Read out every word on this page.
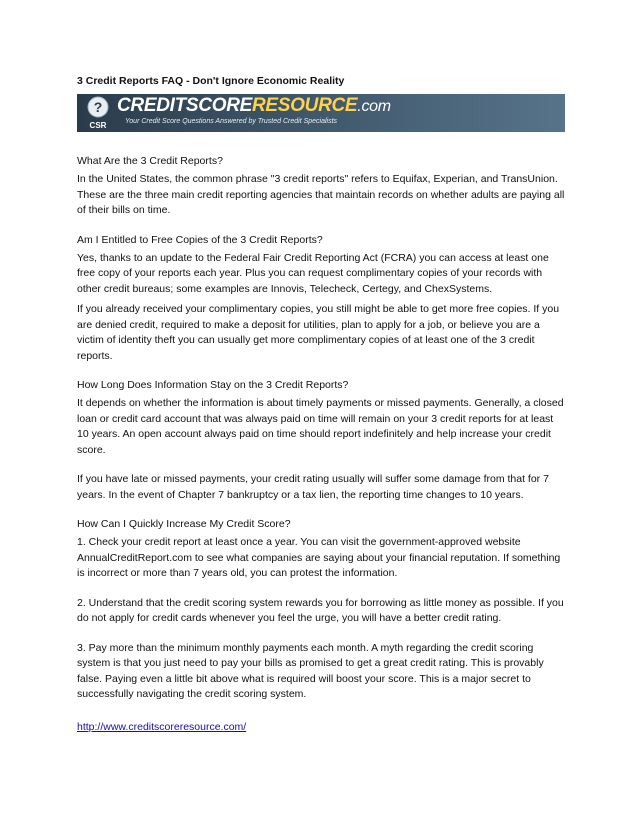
3 Credit Reports FAQ - Don't Ignore Economic Reality
?
CSR
CREDITSCORERESOURCE.com
Your Credit Score Questions Answered by Trusted Credit Specialists
What Are the 3 Credit Reports?
In the United States, the common phrase "3 credit reports" refers to Equifax, Experian, and TransUnion. These are the three main credit reporting agencies that maintain records on whether adults are paying all of their bills on time.
Am I Entitled to Free Copies of the 3 Credit Reports?
Yes, thanks to an update to the Federal Fair Credit Reporting Act (FCRA) you can access at least one free copy of your reports each year. Plus you can request complimentary copies of your records with other credit bureaus; some examples are Innovis, Telecheck, Certegy, and ChexSystems.
If you already received your complimentary copies, you still might be able to get more free copies. If you are denied credit, required to make a deposit for utilities, plan to apply for a job, or believe you are a victim of identity theft you can usually get more complimentary copies of at least one of the 3 credit reports.
How Long Does Information Stay on the 3 Credit Reports?
It depends on whether the information is about timely payments or missed payments. Generally, a closed loan or credit card account that was always paid on time will remain on your 3 credit reports for at least 10 years. An open account always paid on time should report indefinitely and help increase your credit score.
If you have late or missed payments, your credit rating usually will suffer some damage from that for 7 years. In the event of Chapter 7 bankruptcy or a tax lien, the reporting time changes to 10 years.
How Can I Quickly Increase My Credit Score?
1. Check your credit report at least once a year. You can visit the government-approved website AnnualCreditReport.com to see what companies are saying about your financial reputation. If something is incorrect or more than 7 years old, you can protest the information.
2. Understand that the credit scoring system rewards you for borrowing as little money as possible. If you do not apply for credit cards whenever you feel the urge, you will have a better credit rating.
3. Pay more than the minimum monthly payments each month. A myth regarding the credit scoring system is that you just need to pay your bills as promised to get a great credit rating. This is provably false. Paying even a little bit above what is required will boost your score. This is a major secret to successfully navigating the credit scoring system.
http://www.creditscoreresource.com/
